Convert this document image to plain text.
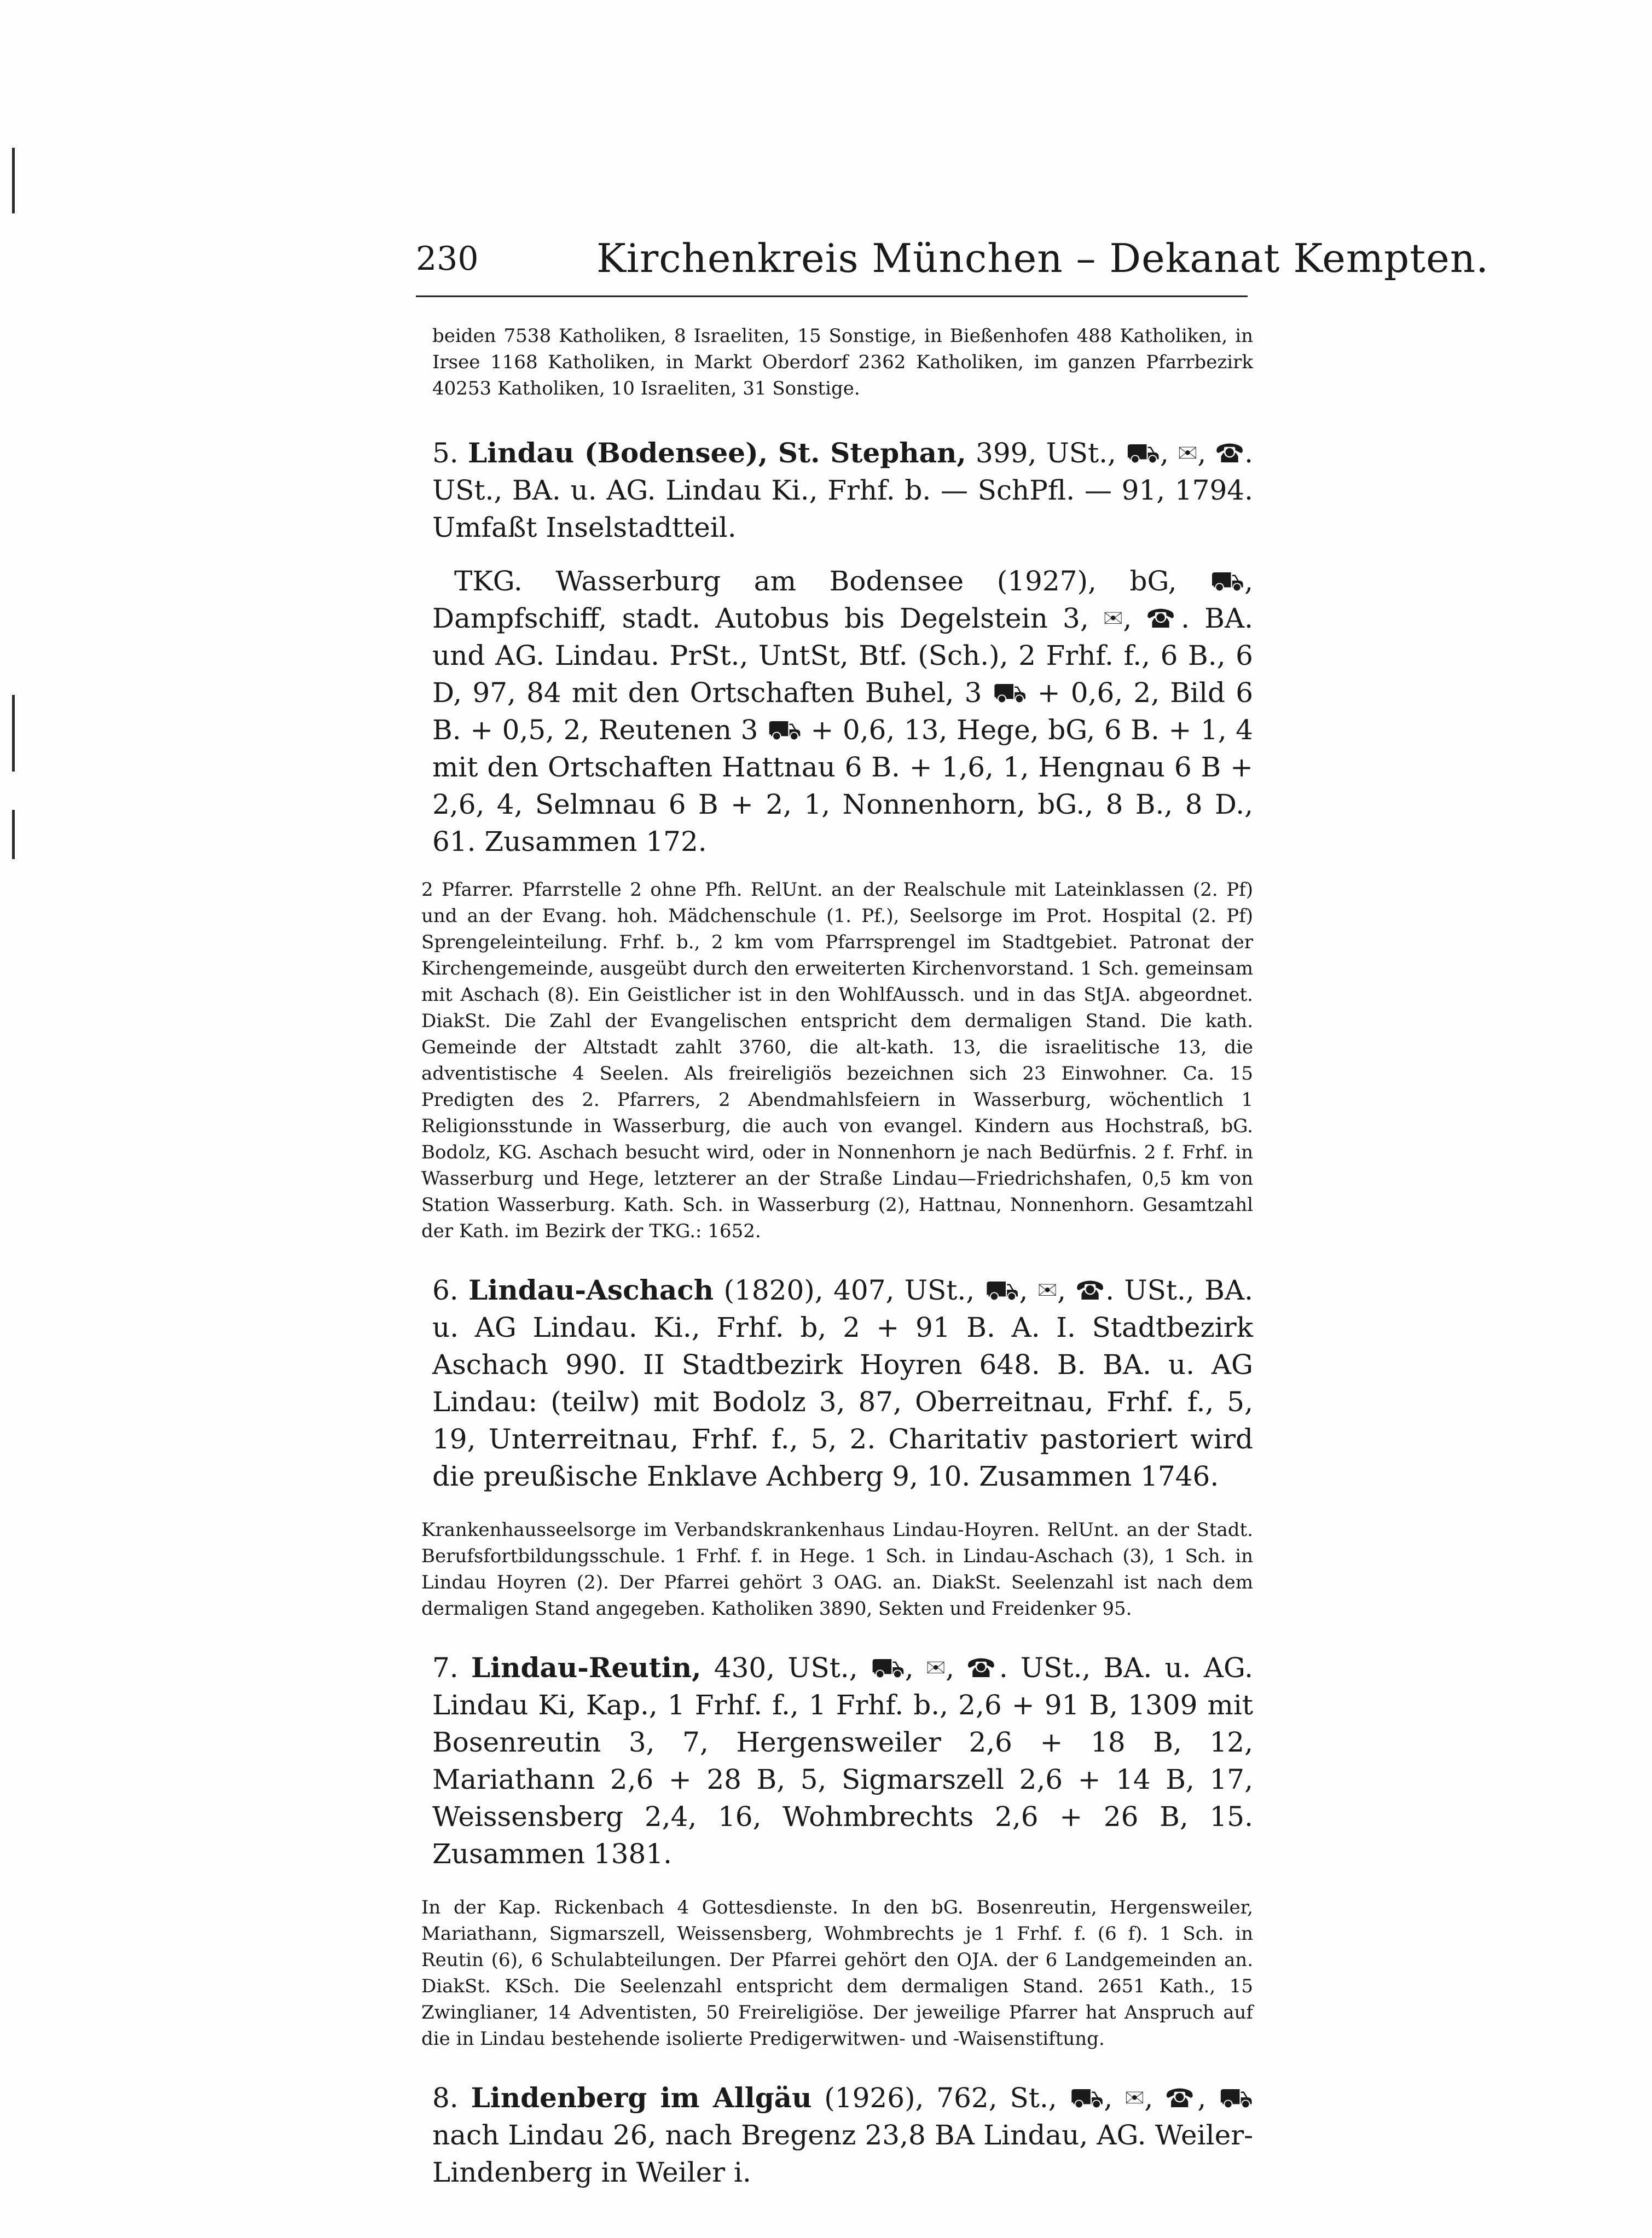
230	Kirchenkreis München – Dekanat Kempten.

beiden 7538 Katholiken, 8 Israeliten, 15 Sonstige, in Bießenhofen 488 Katholiken, in Irsee 1168 Katholiken, in Markt Oberdorf 2362 Katholiken, im ganzen Pfarrbezirk 40253 Katholiken, 10 Israeliten, 31 Sonstige.

5. Lindau (Bodensee), St. Stephan, 399, USt., ⛟, ✉, ☎. USt., BA. u. AG. Lindau Ki., Frhf. b. — SchPfl. — 91, 1794. Umfaßt Inselstadtteil.

TKG. Wasserburg am Bodensee (1927), bG, ⛟, Dampfschiff, stadt. Autobus bis Degelstein 3, ✉, ☎. BA. und AG. Lindau. PrSt., UntSt, Btf. (Sch.), 2 Frhf. f., 6 B., 6 D, 97, 84 mit den Ortschaften Buhel, 3 ⛟ + 0,6, 2, Bild 6 B. + 0,5, 2, Reutenen 3 ⛟ + 0,6, 13, Hege, bG, 6 B. + 1, 4 mit den Ortschaften Hattnau 6 B. + 1,6, 1, Hengnau 6 B + 2,6, 4, Selmnau 6 B + 2, 1, Nonnenhorn, bG., 8 B., 8 D., 61. Zusammen 172.

2 Pfarrer. Pfarrstelle 2 ohne Pfh. RelUnt. an der Realschule mit Lateinklassen (2. Pf) und an der Evang. hoh. Mädchenschule (1. Pf.), Seelsorge im Prot. Hospital (2. Pf) Sprengeleinteilung. Frhf. b., 2 km vom Pfarrsprengel im Stadtgebiet. Patronat der Kirchengemeinde, ausgeübt durch den erweiterten Kirchenvorstand. 1 Sch. gemeinsam mit Aschach (8). Ein Geistlicher ist in den WohlfAussch. und in das StJA. abgeordnet. DiakSt. Die Zahl der Evangelischen entspricht dem dermaligen Stand. Die kath. Gemeinde der Altstadt zahlt 3760, die alt-kath. 13, die israelitische 13, die adventistische 4 Seelen. Als freireligiös bezeichnen sich 23 Einwohner. Ca. 15 Predigten des 2. Pfarrers, 2 Abendmahlsfeiern in Wasserburg, wöchentlich 1 Religionsstunde in Wasserburg, die auch von evangel. Kindern aus Hochstraß, bG. Bodolz, KG. Aschach besucht wird, oder in Nonnenhorn je nach Bedürfnis. 2 f. Frhf. in Wasserburg und Hege, letzterer an der Straße Lindau—Friedrichshafen, 0,5 km von Station Wasserburg. Kath. Sch. in Wasserburg (2), Hattnau, Nonnenhorn. Gesamtzahl der Kath. im Bezirk der TKG.: 1652.

6. Lindau-Aschach (1820), 407, USt., ⛟, ✉, ☎. USt., BA. u. AG Lindau. Ki., Frhf. b, 2 + 91 B. A. I. Stadtbezirk Aschach 990. II Stadtbezirk Hoyren 648. B. BA. u. AG Lindau: (teilw) mit Bodolz 3, 87, Oberreitnau, Frhf. f., 5, 19, Unterreitnau, Frhf. f., 5, 2. Charitativ pastoriert wird die preußische Enklave Achberg 9, 10. Zusammen 1746.

Krankenhausseelsorge im Verbandskrankenhaus Lindau-Hoyren. RelUnt. an der Stadt. Berufsfortbildungsschule. 1 Frhf. f. in Hege. 1 Sch. in Lindau-Aschach (3), 1 Sch. in Lindau Hoyren (2). Der Pfarrei gehört 3 OAG. an. DiakSt. Seelenzahl ist nach dem dermaligen Stand angegeben. Katholiken 3890, Sekten und Freidenker 95.

7. Lindau-Reutin, 430, USt., ⛟, ✉, ☎. USt., BA. u. AG. Lindau Ki, Kap., 1 Frhf. f., 1 Frhf. b., 2,6 + 91 B, 1309 mit Bosenreutin 3, 7, Hergensweiler 2,6 + 18 B, 12, Mariathann 2,6 + 28 B, 5, Sigmarszell 2,6 + 14 B, 17, Weissensberg 2,4, 16, Wohmbrechts 2,6 + 26 B, 15. Zusammen 1381.

In der Kap. Rickenbach 4 Gottesdienste. In den bG. Bosenreutin, Hergensweiler, Mariathann, Sigmarszell, Weissensberg, Wohmbrechts je 1 Frhf. f. (6 f). 1 Sch. in Reutin (6), 6 Schulabteilungen. Der Pfarrei gehört den OJA. der 6 Landgemeinden an. DiakSt. KSch. Die Seelenzahl entspricht dem dermaligen Stand. 2651 Kath., 15 Zwinglianer, 14 Adventisten, 50 Freireligiöse. Der jeweilige Pfarrer hat Anspruch auf die in Lindau bestehende isolierte Predigerwitwen- und -Waisenstiftung.

8. Lindenberg im Allgäu (1926), 762, St., ⛟, ✉, ☎, ⛟ nach Lindau 26, nach Bregenz 23,8 BA Lindau, AG. Weiler-Lindenberg in Weiler i.
